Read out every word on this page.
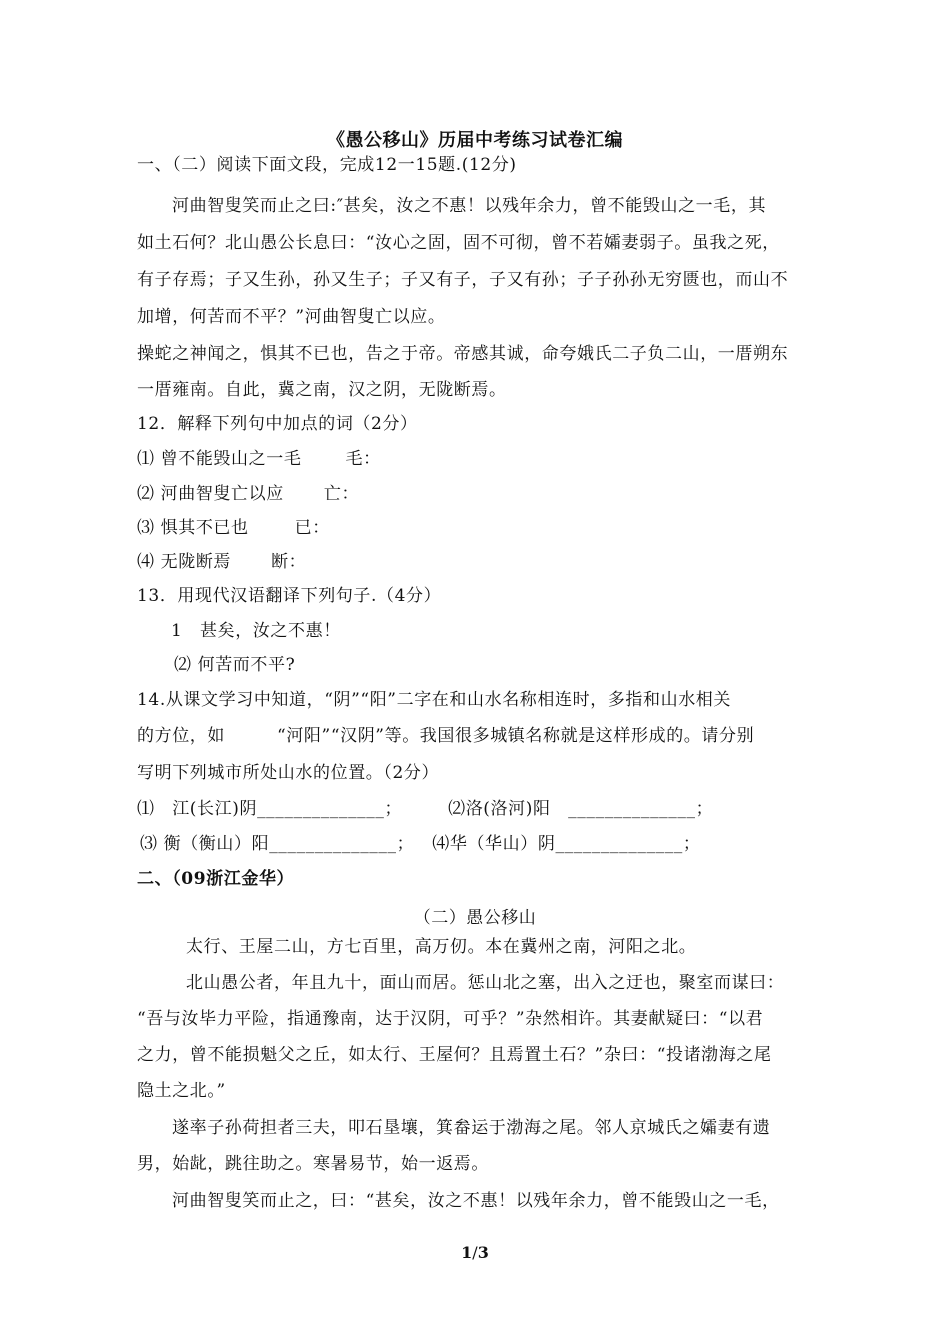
《愚公移山》历届中考练习试卷汇编
一、（二）阅读下面文段，完成12一15题.(12分)
河曲智叟笑而止之曰:″甚矣，汝之不惠！以残年余力，曾不能毁山之一毛，其
如土石何？北山愚公长息曰：“汝心之固，固不可彻，曾不若孀妻弱子。虽我之死，
有子存焉；子又生孙，孙又生子；子又有子，子又有孙；子子孙孙无穷匮也，而山不
加增，何苦而不平？”河曲智叟亡以应。
操蛇之神闻之，惧其不已也，告之于帝。帝感其诚，命夸娥氏二子负二山，一厝朔东
一厝雍南。自此，冀之南，汉之阴，无陇断焉。
12．解释下列句中加点的词（2分）
⑴ 曾不能毁山之一毛	毛：
⑵ 河曲智叟亡以应 亡：
⑶ 惧其不已也	已：
⑷ 无陇断焉 断：
13．用现代汉语翻译下列句子.（4分）
1　甚矣，汝之不惠！
⑵ 何苦而不平?
14.从课文学习中知道，“阴”“阳”二字在和山水名称相连时，多指和山水相关
的方位，如	“河阳”“汉阴”等。我国很多城镇名称就是这样形成的。请分别
写明下列城市所处山水的位置。（2分）
⑴　江(长江)阴______________；	⑵洛(洛河)阳　______________；
⑶ 衡（衡山）阳______________； ⑷华（华山）阴______________；
二、（09浙江金华）
（二）愚公移山
太行、王屋二山，方七百里，高万仞。本在冀州之南，河阳之北。
北山愚公者，年且九十，面山而居。惩山北之塞，出入之迂也，聚室而谋曰：
“吾与汝毕力平险，指通豫南，达于汉阴，可乎？”杂然相许。其妻献疑曰：“以君
之力，曾不能损魁父之丘，如太行、王屋何？且焉置土石？”杂曰：“投诸渤海之尾
隐土之北。”
遂率子孙荷担者三夫，叩石垦壤，箕畚运于渤海之尾。邻人京城氏之孀妻有遗
男，始龀，跳往助之。寒暑易节，始一返焉。
河曲智叟笑而止之，曰：“甚矣，汝之不惠！以残年余力，曾不能毁山之一毛，
1/3
